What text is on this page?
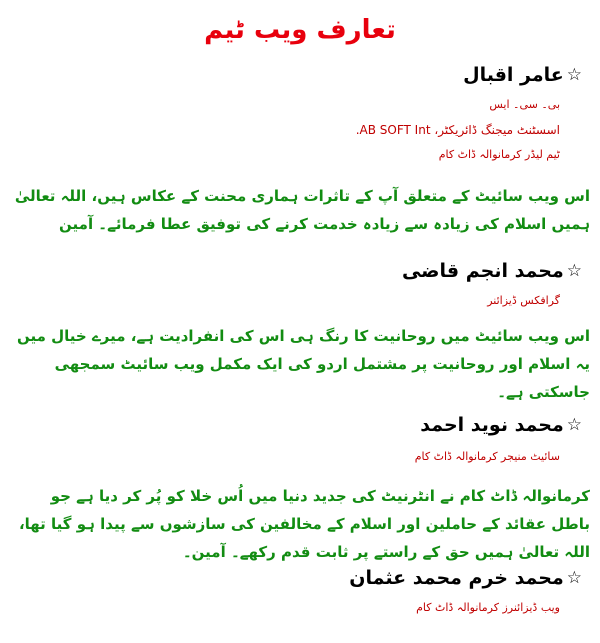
تعارف ویب ٹیم
☆
عامر اقبال
بی۔ سی۔ ایس
اسسٹنٹ میجنگ ڈائریکٹر، AB SOFT Int.
ٹیم لیڈر کرمانوالہ ڈاٹ کام
اس ویب سائیٹ کے متعلق آپ کے تاثرات ہماری محنت کے عکاس ہیں، اللہ تعالیٰ ہمیں اسلام کی زیادہ سے زیادہ خدمت کرنے کی توفیق عطا فرمائے۔ آمین
☆
محمد انجم قاضی
گرافکس ڈیزائنر
اس ویب سائیٹ میں روحانیت کا رنگ ہی اس کی انفرادیت ہے، میرے خیال میں یہ اسلام اور روحانیت پر مشتمل اردو کی ایک مکمل ویب سائیٹ سمجھی جاسکتی ہے۔
☆
محمد نوید احمد
سائیٹ منیجر کرمانوالہ ڈاٹ کام
کرمانوالہ ڈاٹ کام نے انٹرنیٹ کی جدید دنیا میں اُس خلا کو پُر کر دیا ہے جو باطل عقائد کے حاملین اور اسلام کے مخالفین کی سازشوں سے پیدا ہو گیا تھا، اللہ تعالیٰ ہمیں حق کے راستے پر ثابت قدم رکھے۔ آمین۔
☆
محمد خرم محمد عثمان
ویب ڈیزائنرز کرمانوالہ ڈاٹ کام
